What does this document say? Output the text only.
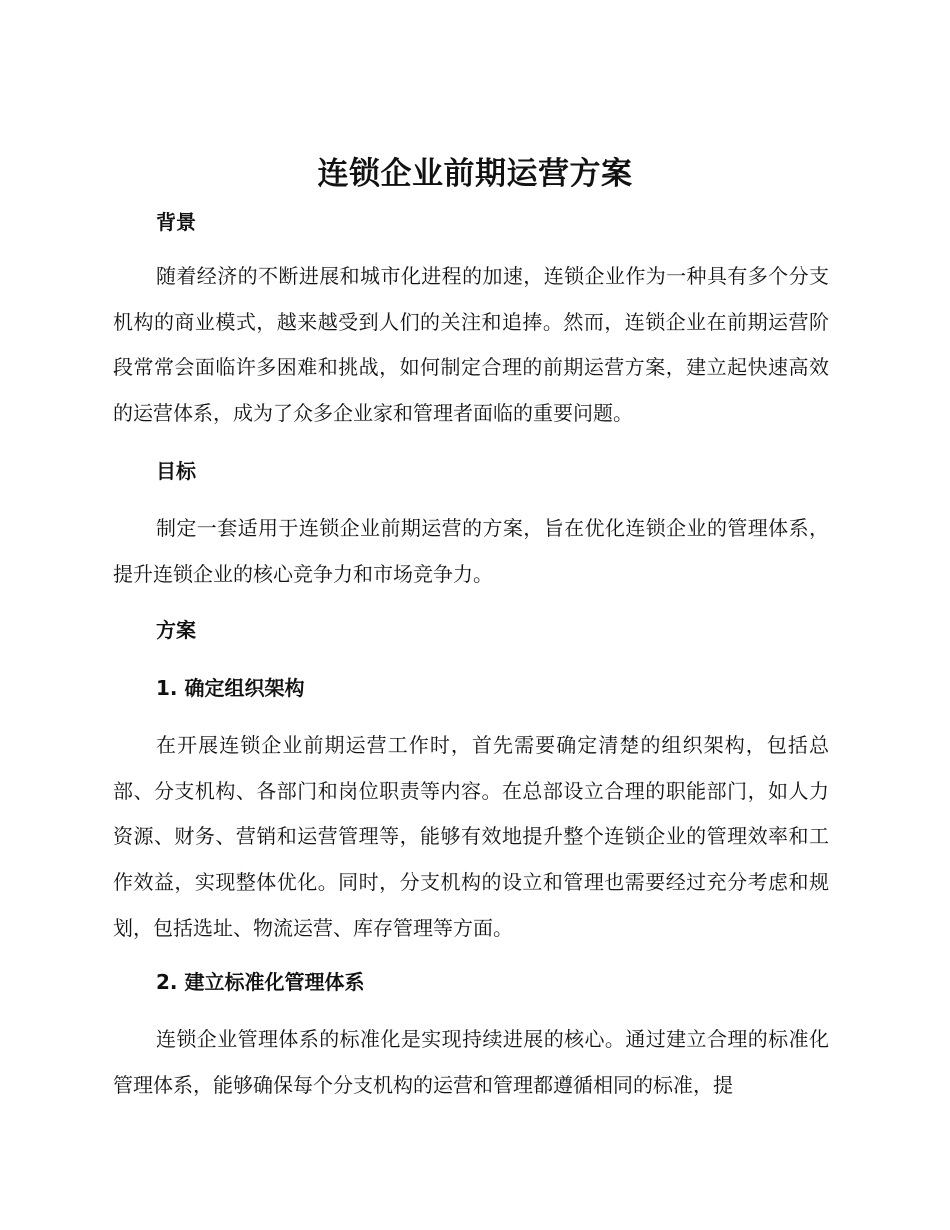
连锁企业前期运营方案
背景

随着经济的不断进展和城市化进程的加速，连锁企业作为一种具有多个分支机构的商业模式，越来越受到人们的关注和追捧。然而，连锁企业在前期运营阶段常常会面临许多困难和挑战，如何制定合理的前期运营方案，建立起快速高效的运营体系，成为了众多企业家和管理者面临的重要问题。

目标

制定一套适用于连锁企业前期运营的方案，旨在优化连锁企业的管理体系，提升连锁企业的核心竞争力和市场竞争力。

方案
1. 确定组织架构

在开展连锁企业前期运营工作时，首先需要确定清楚的组织架构，包括总部、分支机构、各部门和岗位职责等内容。在总部设立合理的职能部门，如人力资源、财务、营销和运营管理等，能够有效地提升整个连锁企业的管理效率和工作效益，实现整体优化。同时，分支机构的设立和管理也需要经过充分考虑和规划，包括选址、物流运营、库存管理等方面。

2. 建立标准化管理体系

连锁企业管理体系的标准化是实现持续进展的核心。通过建立合理的标准化管理体系，能够确保每个分支机构的运营和管理都遵循相同的标准，提
